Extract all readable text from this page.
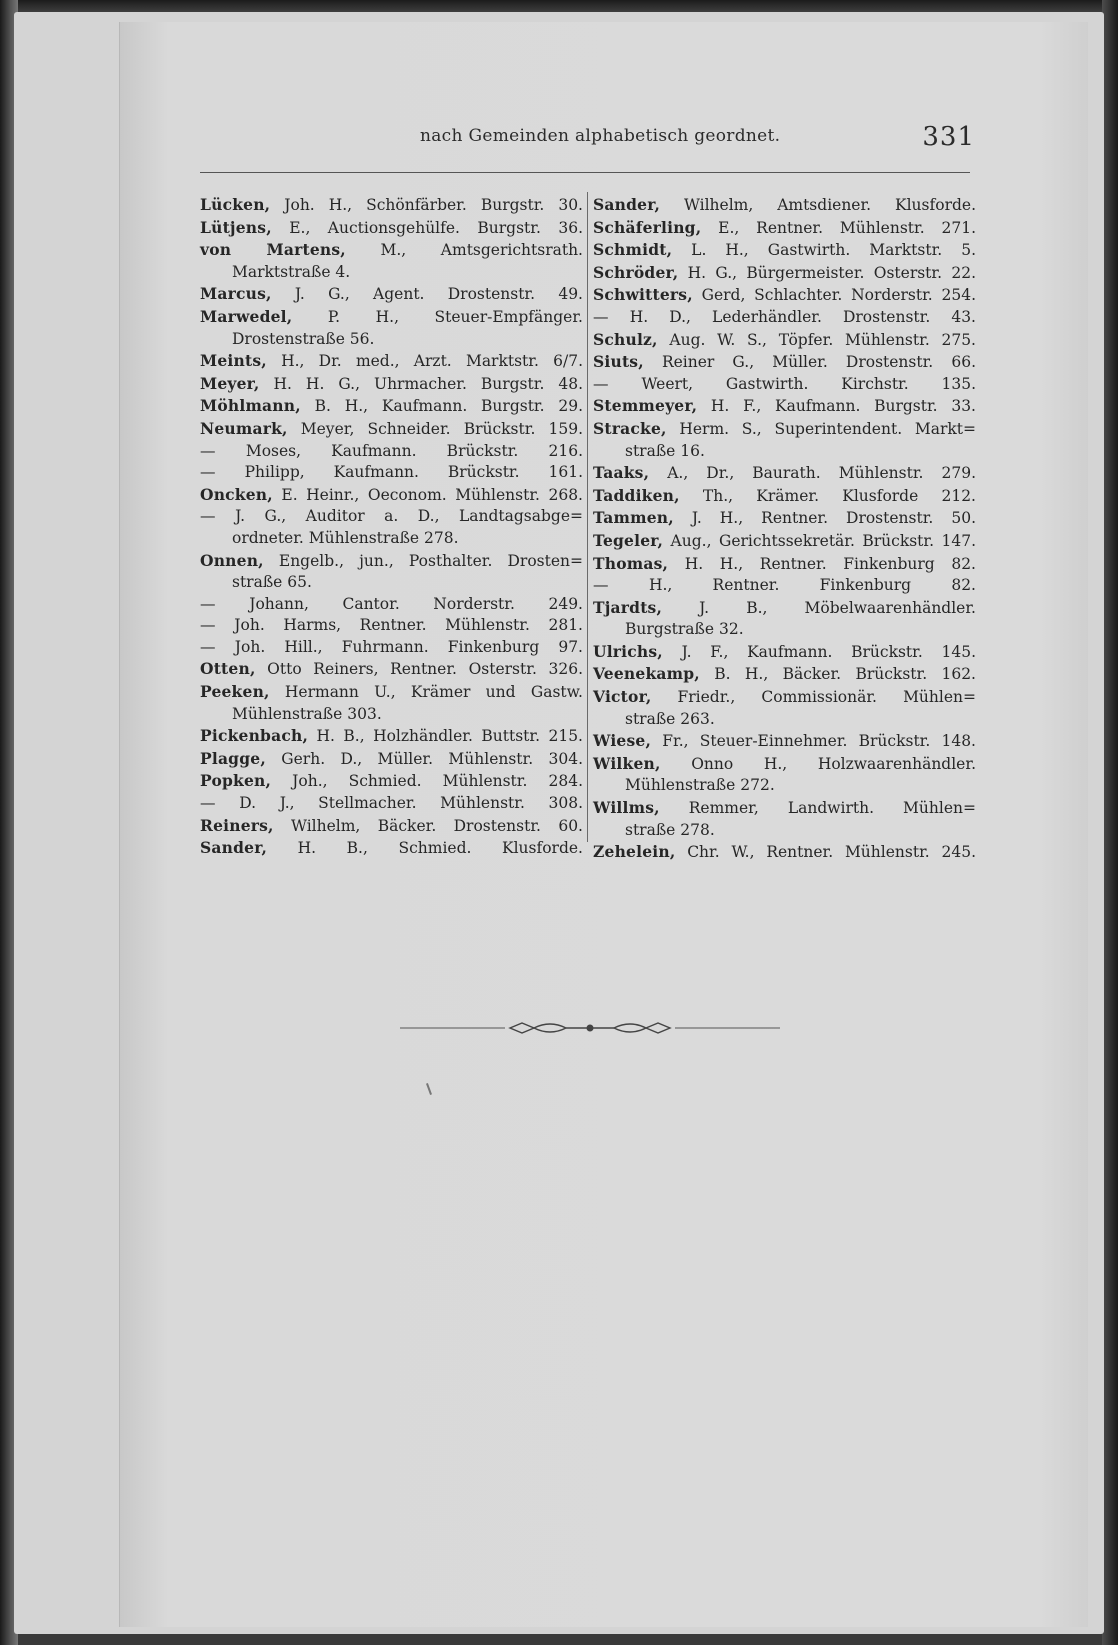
nach Gemeinden alphabetisch geordnet.	331

Lücken, Joh. H., Schönfärber. Burgstr. 30.

Lütjens, E., Auctionsgehülfe. Burgstr. 36.

von Martens, M., Amtsgerichtsrath.

Marktstraße 4.

Marcus, J. G., Agent. Drostenstr. 49.

Marwedel, P. H., Steuer-Empfänger.

Drostenstraße 56.

Meints, H., Dr. med., Arzt. Marktstr. 6/7.

Meyer, H. H. G., Uhrmacher. Burgstr. 48.

Möhlmann, B. H., Kaufmann. Burgstr. 29.

Neumark, Meyer, Schneider. Brückstr. 159.

— Moses, Kaufmann. Brückstr. 216.

— Philipp, Kaufmann. Brückstr. 161.

Oncken, E. Heinr., Oeconom. Mühlenstr. 268.

— J. G., Auditor a. D., Landtagsabge=

ordneter. Mühlenstraße 278.

Onnen, Engelb., jun., Posthalter. Drosten=

straße 65.

— Johann, Cantor. Norderstr. 249.

— Joh. Harms, Rentner. Mühlenstr. 281.

— Joh. Hill., Fuhrmann. Finkenburg 97.

Otten, Otto Reiners, Rentner. Osterstr. 326.

Peeken, Hermann U., Krämer und Gastw.

Mühlenstraße 303.

Pickenbach, H. B., Holzhändler. Buttstr. 215.

Plagge, Gerh. D., Müller. Mühlenstr. 304.

Popken, Joh., Schmied. Mühlenstr. 284.

— D. J., Stellmacher. Mühlenstr. 308.

Reiners, Wilhelm, Bäcker. Drostenstr. 60.

Sander, H. B., Schmied. Klusforde.

Sander, Wilhelm, Amtsdiener. Klusforde.

Schäferling, E., Rentner. Mühlenstr. 271.

Schmidt, L. H., Gastwirth. Marktstr. 5.

Schröder, H. G., Bürgermeister. Osterstr. 22.

Schwitters, Gerd, Schlachter. Norderstr. 254.

— H. D., Lederhändler. Drostenstr. 43.

Schulz, Aug. W. S., Töpfer. Mühlenstr. 275.

Siuts, Reiner G., Müller. Drostenstr. 66.

— Weert, Gastwirth. Kirchstr. 135.

Stemmeyer, H. F., Kaufmann. Burgstr. 33.

Stracke, Herm. S., Superintendent. Markt=

straße 16.

Taaks, A., Dr., Baurath. Mühlenstr. 279.

Taddiken, Th., Krämer. Klusforde 212.

Tammen, J. H., Rentner. Drostenstr. 50.

Tegeler, Aug., Gerichtssekretär. Brückstr. 147.

Thomas, H. H., Rentner. Finkenburg 82.

— H., Rentner. Finkenburg 82.

Tjardts, J. B., Möbelwaarenhändler.

Burgstraße 32.

Ulrichs, J. F., Kaufmann. Brückstr. 145.

Veenekamp, B. H., Bäcker. Brückstr. 162.

Victor, Friedr., Commissionär. Mühlen=

straße 263.

Wiese, Fr., Steuer-Einnehmer. Brückstr. 148.

Wilken, Onno H., Holzwaarenhändler.

Mühlenstraße 272.

Willms, Remmer, Landwirth. Mühlen=

straße 278.

Zehelein, Chr. W., Rentner. Mühlenstr. 245.
